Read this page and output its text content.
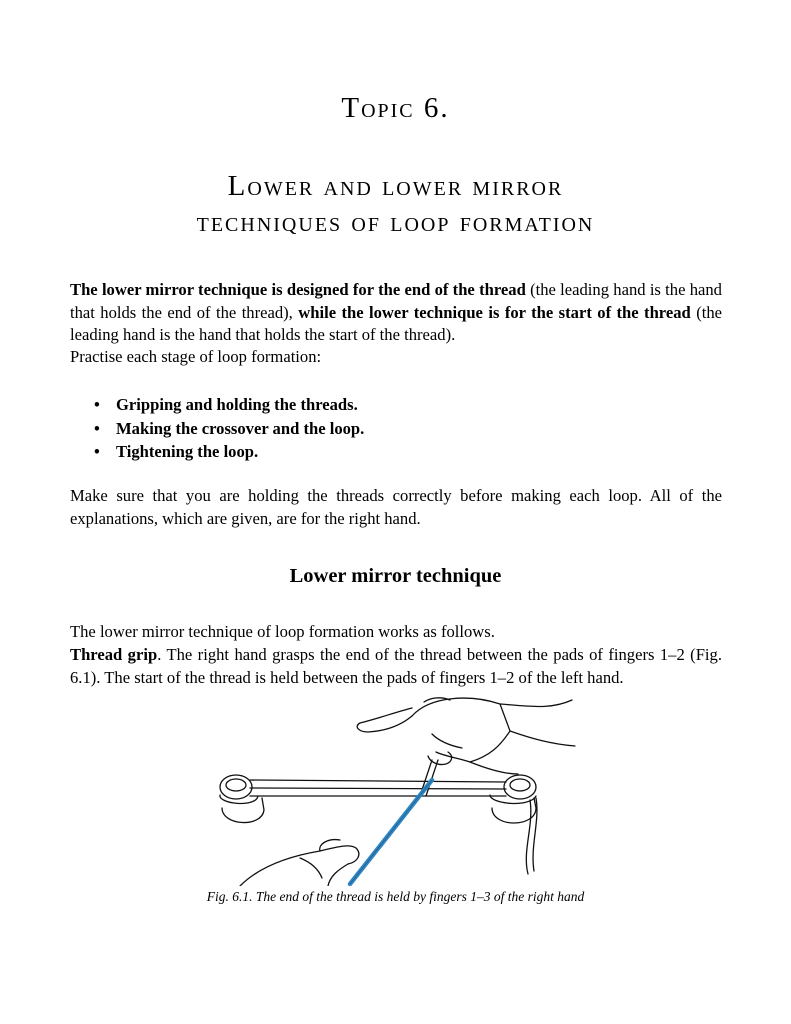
Topic 6.
Lower and lower mirror
techniques of loop formation

The lower mirror technique is designed for the end of the thread (the leading hand is the hand that holds the end of the thread), while the lower technique is for the start of the thread (the leading hand is the hand that holds the start of the thread).

Practise each stage of loop formation:

• Gripping and holding the threads.
• Making the crossover and the loop.
• Tightening the loop.

Make sure that you are holding the threads correctly before making each loop. All of the explanations, which are given, are for the right hand.

Lower mirror technique

The lower mirror technique of loop formation works as follows.

Thread grip. The right hand grasps the end of the thread between the pads of fingers 1–2 (Fig. 6.1). The start of the thread is held between the pads of fingers 1–2 of the left hand.

Fig. 6.1. The end of the thread is held by fingers 1–3 of the right hand
